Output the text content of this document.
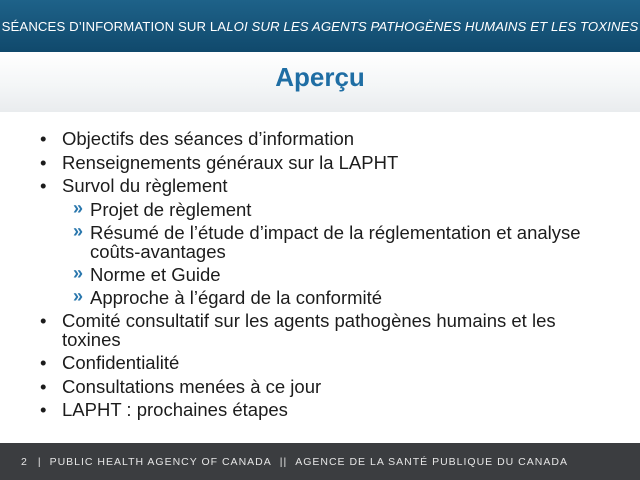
SÉANCES D’INFORMATION SUR LA LOI SUR LES AGENTS PATHOGÈNES HUMAINS ET LES TOXINES
Aperçu
• Objectifs des séances d’information
• Renseignements généraux sur la LAPHT
• Survol du règlement
» Projet de règlement
» Résumé de l’étude d’impact de la réglementation et analyse coûts-avantages
» Norme et Guide
» Approche à l’égard de la conformité
• Comité consultatif sur les agents pathogènes humains et les toxines
• Confidentialité
• Consultations menées à ce jour
• LAPHT : prochaines étapes
2 | PUBLIC HEALTH AGENCY OF CANADA || AGENCE DE LA SANTÉ PUBLIQUE DU CANADA
